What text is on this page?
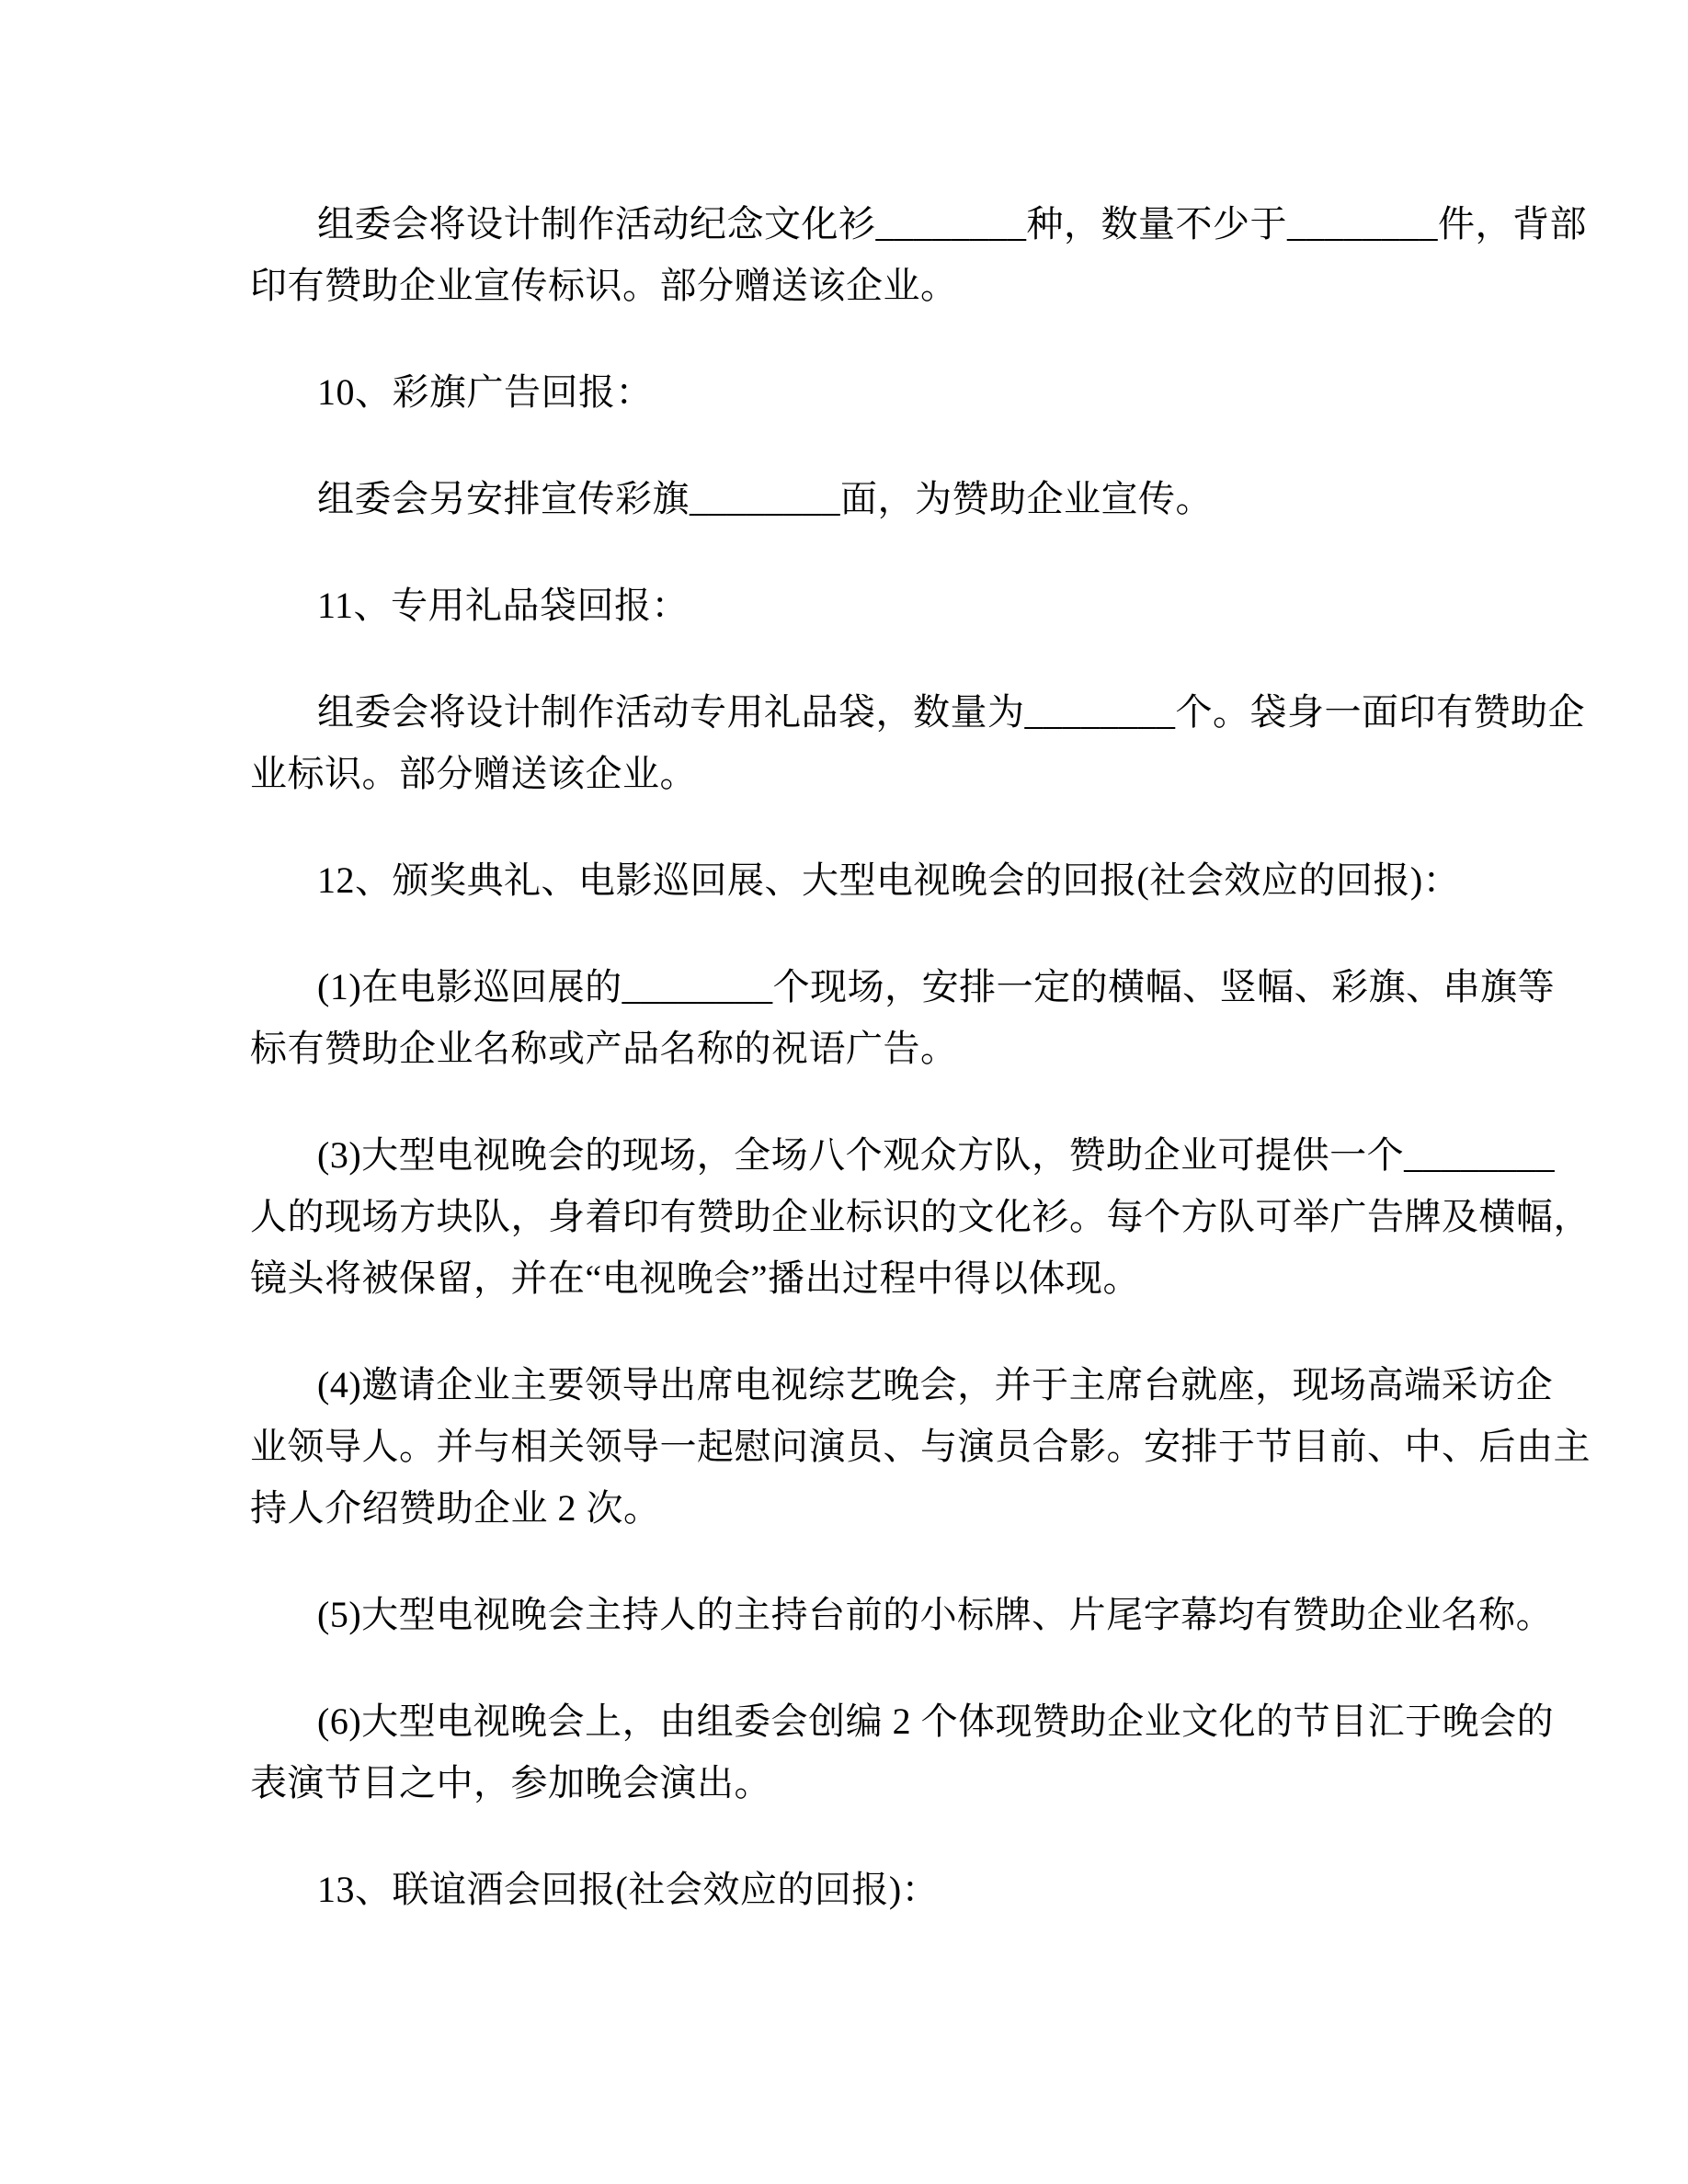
组委会将设计制作活动纪念文化衫________种，数量不少于________件，背部
印有赞助企业宣传标识。部分赠送该企业。

10、彩旗广告回报：

组委会另安排宣传彩旗________面，为赞助企业宣传。

11、专用礼品袋回报：

组委会将设计制作活动专用礼品袋，数量为________个。袋身一面印有赞助企
业标识。部分赠送该企业。

12、颁奖典礼、电影巡回展、大型电视晚会的回报(社会效应的回报)：

(1)在电影巡回展的________个现场，安排一定的横幅、竖幅、彩旗、串旗等
标有赞助企业名称或产品名称的祝语广告。

(3)大型电视晚会的现场，全场八个观众方队，赞助企业可提供一个________
人的现场方块队，身着印有赞助企业标识的文化衫。每个方队可举广告牌及横幅，
镜头将被保留，并在“电视晚会”播出过程中得以体现。

(4)邀请企业主要领导出席电视综艺晚会，并于主席台就座，现场高端采访企
业领导人。并与相关领导一起慰问演员、与演员合影。安排于节目前、中、后由主
持人介绍赞助企业 2 次。

(5)大型电视晚会主持人的主持台前的小标牌、片尾字幕均有赞助企业名称。

(6)大型电视晚会上，由组委会创编 2 个体现赞助企业文化的节目汇于晚会的
表演节目之中，参加晚会演出。

13、联谊酒会回报(社会效应的回报)：
